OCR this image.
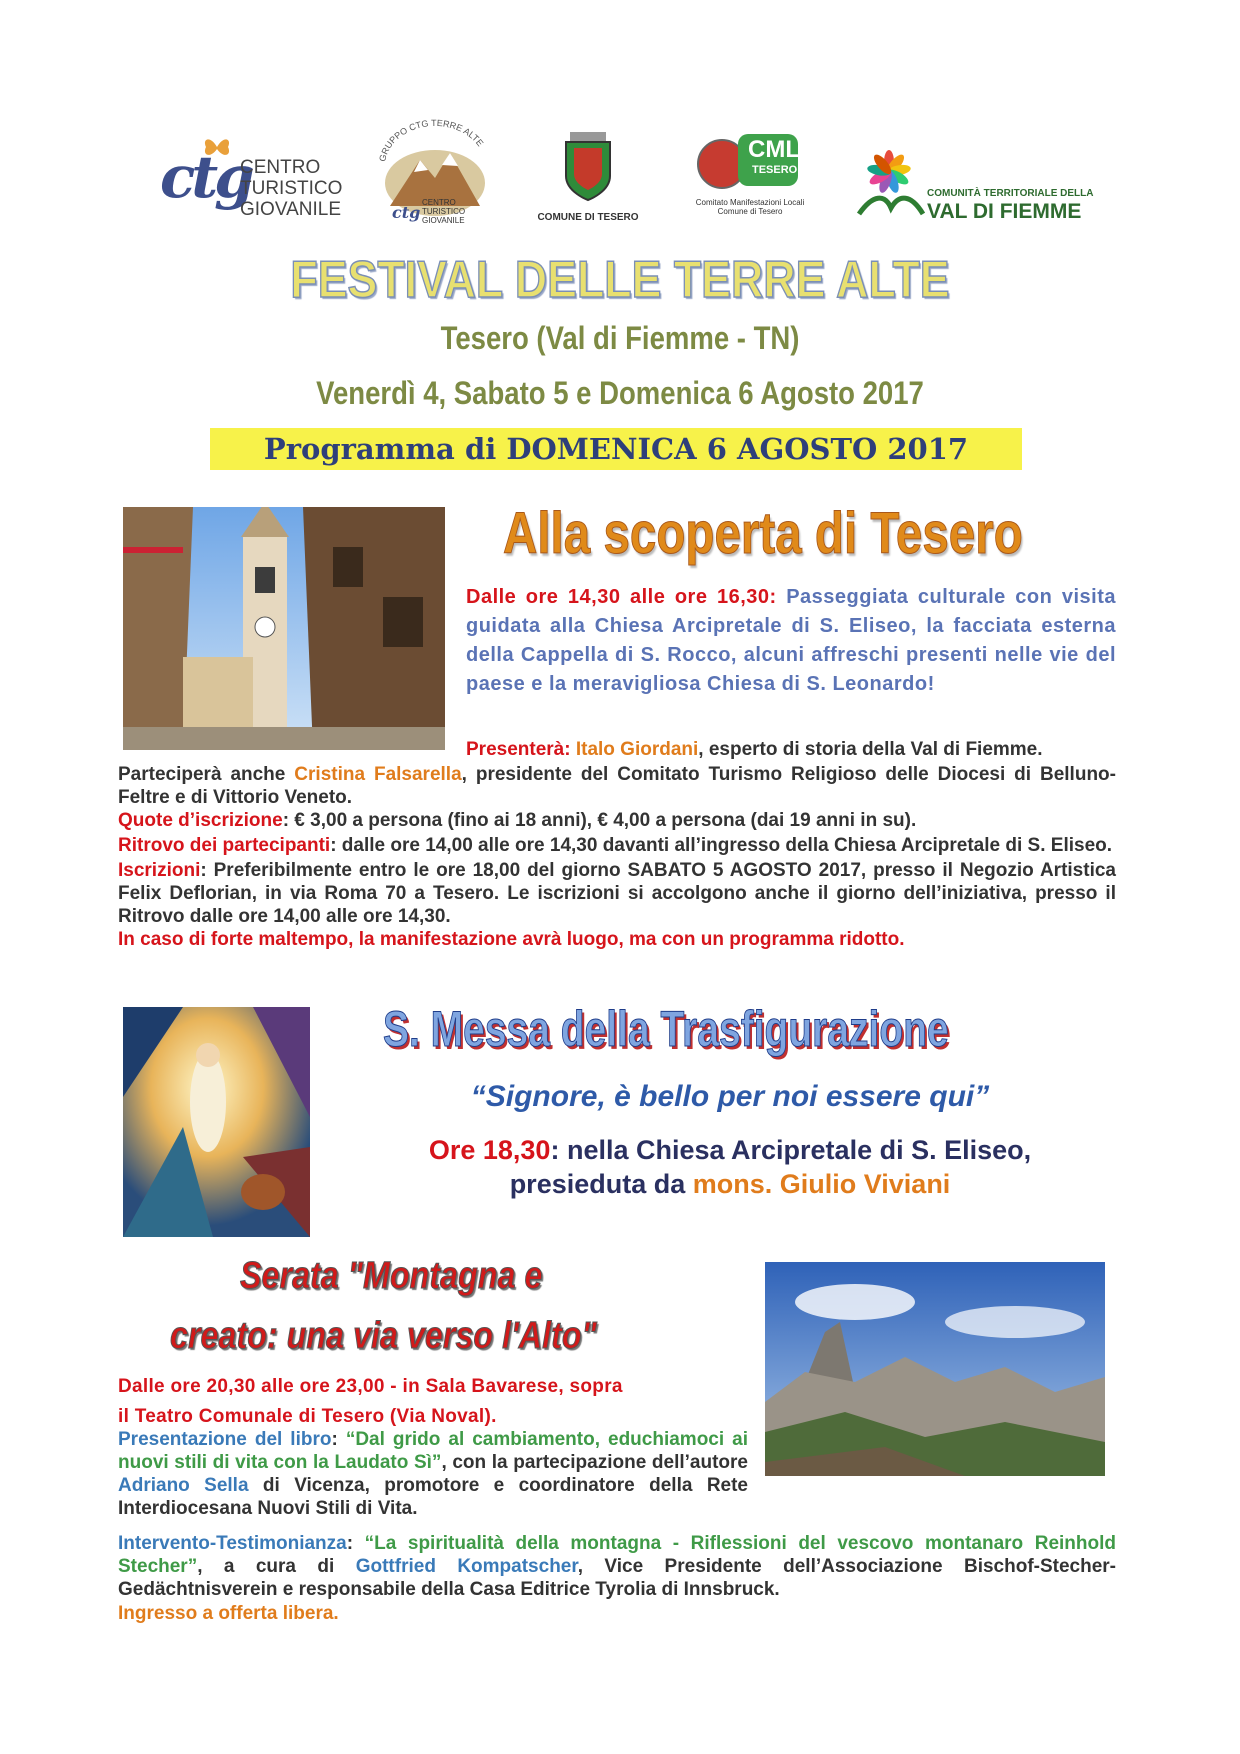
ctg
CENTRO
TURISTICO
GIOVANILE
GRUPPO CTG TERRE ALTE
ctg
CENTRO
TURISTICO
GIOVANILE	COMUNE DI TESERO
CML
TESERO
Comitato Manifestazioni Locali
Comune di Tesero
COMUNITÀ TERRITORIALE DELLA
VAL DI FIEMME
FESTIVAL DELLE TERRE ALTE
Tesero (Val di Fiemme - TN)
Venerdì 4, Sabato 5 e Domenica 6 Agosto 2017
Programma di DOMENICA 6 AGOSTO 2017
Alla scoperta di Tesero
Dalle ore 14,30 alle ore 16,30: Passeggiata culturale con visita guidata alla Chiesa Arcipretale di S. Eliseo, la facciata esterna della Cappella di S. Rocco, alcuni affreschi presenti nelle vie del paese e la meravigliosa Chiesa di S. Leonardo!
Presenterà: Italo Giordani, esperto di storia della Val di Fiemme.
Parteciperà anche Cristina Falsarella, presidente del Comitato Turismo Religioso delle Diocesi di Belluno-Feltre e di Vittorio Veneto.
Quote d’iscrizione: € 3,00 a persona (fino ai 18 anni), € 4,00 a persona (dai 19 anni in su).
Ritrovo dei partecipanti: dalle ore 14,00 alle ore 14,30 davanti all’ingresso della Chiesa Arcipretale di S. Eliseo.
Iscrizioni: Preferibilmente entro le ore 18,00 del giorno SABATO 5 AGOSTO 2017, presso il Negozio Artistica Felix Deflorian, in via Roma 70 a Tesero. Le iscrizioni si accolgono anche il giorno dell’iniziativa, presso il Ritrovo dalle ore 14,00 alle ore 14,30.
In caso di forte maltempo, la manifestazione avrà luogo, ma con un programma ridotto.
S. Messa della Trasfigurazione
“Signore, è bello per noi essere qui”
Ore 18,30: nella Chiesa Arcipretale di S. Eliseo,
presieduta da mons. Giulio Viviani
Serata "Montagna e
creato: una via verso l'Alto"
Dalle ore 20,30 alle ore 23,00 - in Sala Bavarese, sopra
il Teatro Comunale di Tesero (Via Noval).
Presentazione del libro: “Dal grido al cambiamento, educhiamoci ai nuovi stili di vita con la Laudato Sì”, con la partecipazione dell’autore Adriano Sella di Vicenza, promotore e coordinatore della Rete Interdiocesana Nuovi Stili di Vita.
Intervento-Testimonianza: “La spiritualità della montagna - Riflessioni del vescovo montanaro Reinhold Stecher”, a cura di Gottfried Kompatscher, Vice Presidente dell’Associazione Bischof-Stecher-Gedächtnisverein e responsabile della Casa Editrice Tyrolia di Innsbruck.
Ingresso a offerta libera.
